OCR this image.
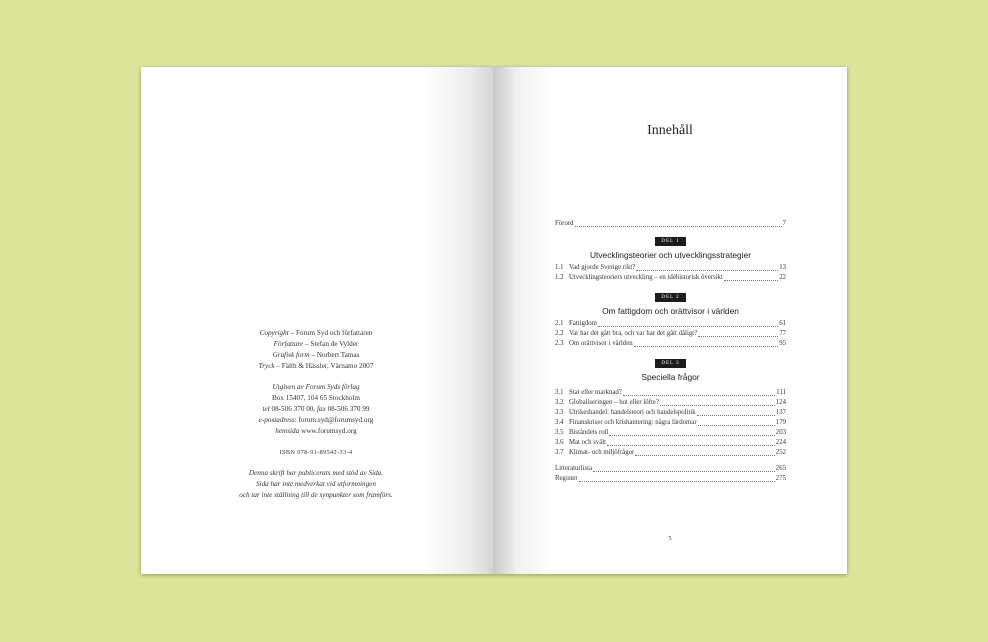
Copyright – Forum Syd och författaren
Författare – Stefan de Vylder
Grafisk form – Norbert Tamas
Tryck – Fälth & Hässler, Värnamo 2007
Utgiven av Forum Syds förlag
Box 15407, 104 65 Stockholm
tel 08-506 370 00, fax 08-506 370 99
e-postadress: forum.syd@forumsyd.org
hemsida www.forumsyd.org
ISBN 978-91-89542-33-4
Denna skrift har publicerats med stöd av Sida.
Sida har inte medverkat vid utformningen
och tar inte ställning till de synpunkter som framförs.
Innehåll
Förord	7
DEL 1
Utvecklingsteorier och utvecklingsstrategier
1.1 Vad gjorde Sverige rikt?	13
1.2 Utvecklingsteoriers utveckling – en idéhistorisk översikt	22
DEL 2
Om fattigdom och orättvisor i världen
2.1 Fattigdom	61
2.2 Var har det gått bra, och var har det gått dåligt?	77
2.3 Om orättvisor i världen	95
DEL 3
Speciella frågor
3.1 Stat eller marknad?	111
3.2 Globaliseringen – hot eller löfte?	124
3.3 Utrikeshandel: handelsteori och handelspolitik	137
3.4 Finanskriser och krishantering: några lärdomar	179
3.5 Biståndets roll	203
3.6 Mat och svält	224
3.7 Klimat- och miljöfrågor	252
Litteraturlista	265
Register	275
5
